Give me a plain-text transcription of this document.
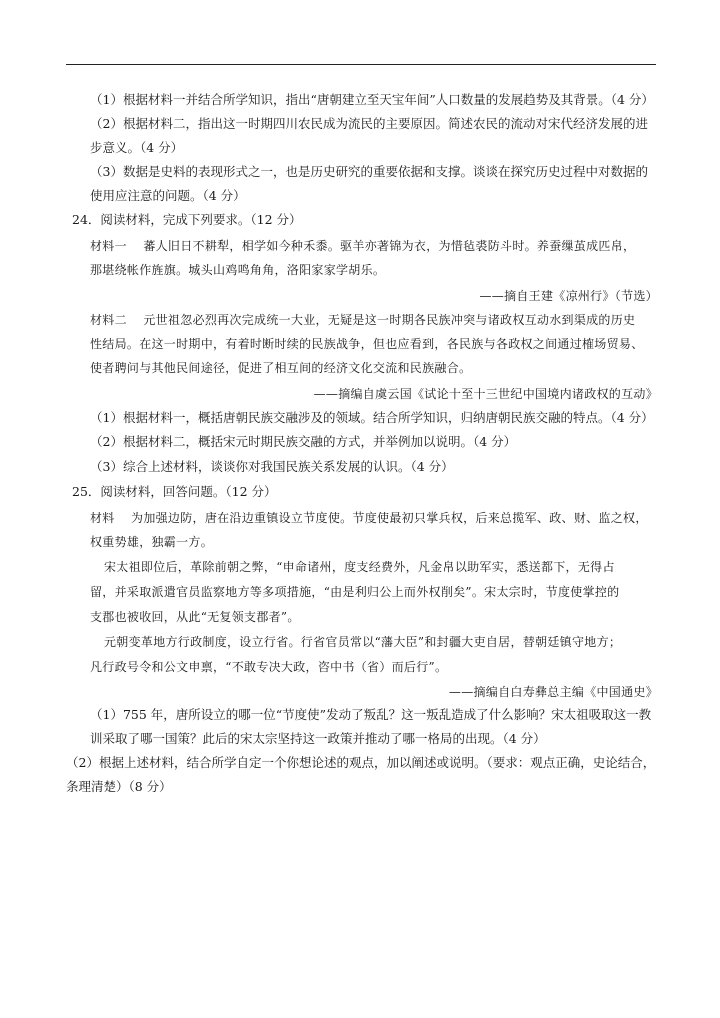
（1）根据材料一并结合所学知识，指出“唐朝建立至天宝年间”人口数量的发展趋势及其背景。（4 分）
（2）根据材料二，指出这一时期四川农民成为流民的主要原因。简述农民的流动对宋代经济发展的进
步意义。（4 分）
（3）数据是史料的表现形式之一，也是历史研究的重要依据和支撑。谈谈在探究历史过程中对数据的
使用应注意的问题。（4 分）
24．阅读材料，完成下列要求。（12 分）
材料一　 蕃人旧日不耕犁，相学如今种禾黍。驱羊亦著锦为衣，为惜毡裘防斗时。养蚕缫茧成匹帛，
那堪绕帐作旌旗。城头山鸡鸣角角，洛阳家家学胡乐。
——摘自王建《凉州行》（节选）
材料二　 元世祖忽必烈再次完成统一大业，无疑是这一时期各民族冲突与诸政权互动水到渠成的历史
性结局。在这一时期中，有着时断时续的民族战争，但也应看到，各民族与各政权之间通过榷场贸易、
使者聘问与其他民间途径，促进了相互间的经济文化交流和民族融合。
——摘编自虞云国《试论十至十三世纪中国境内诸政权的互动》
（1）根据材料一，概括唐朝民族交融涉及的领域。结合所学知识，归纳唐朝民族交融的特点。（4 分）
（2）根据材料二，概括宋元时期民族交融的方式，并举例加以说明。（4 分）
（3）综合上述材料，谈谈你对我国民族关系发展的认识。（4 分）
25．阅读材料，回答问题。（12 分）
材料　 为加强边防，唐在沿边重镇设立节度使。节度使最初只掌兵权，后来总揽军、政、财、监之权，
权重势雄，独霸一方。
宋太祖即位后，革除前朝之弊，“申命诸州，度支经费外，凡金帛以助军实，悉送都下，无得占
留，并采取派遣官员监察地方等多项措施，“由是利归公上而外权削矣”。宋太宗时，节度使掌控的
支郡也被收回，从此“无复领支郡者”。
元朝变革地方行政制度，设立行省。行省官员常以“藩大臣”和封疆大吏自居，替朝廷镇守地方；
凡行政号令和公文申禀，“不敢专决大政，咨中书（省）而后行”。
——摘编自白寿彝总主编《中国通史》
（1）755 年，唐所设立的哪一位“节度使”发动了叛乱？这一叛乱造成了什么影响？宋太祖吸取这一教
训采取了哪一国策？此后的宋太宗坚持这一政策并推动了哪一格局的出现。（4 分）
（2）根据上述材料，结合所学自定一个你想论述的观点，加以阐述或说明。（要求：观点正确，史论结合，
条理清楚）（8 分）
